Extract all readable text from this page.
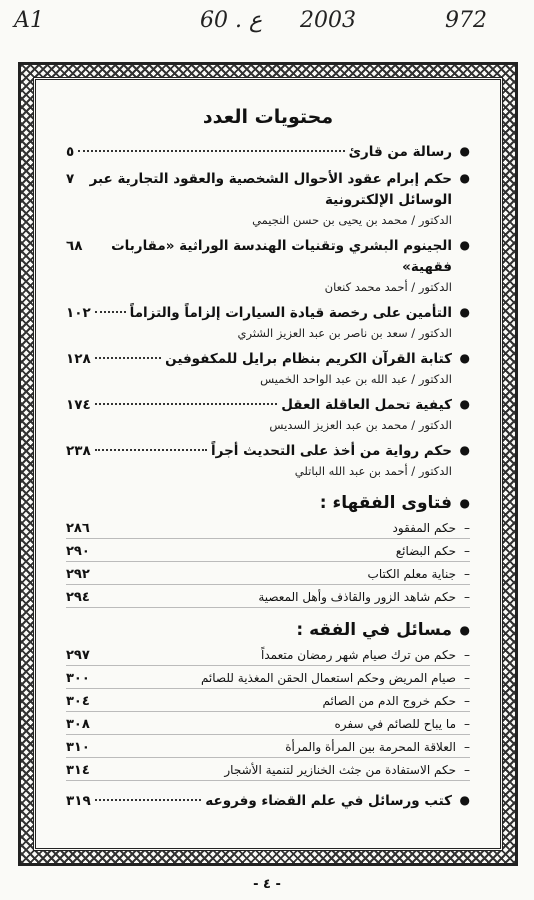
A1	60 . ع 2003	972
محتويات العدد
●
رسالة من قارئ
٥
●
حكم إبرام عقود الأحوال الشخصية والعقود التجارية عبر الوسائل الإلكترونية
٧
الدكتور / محمد بن يحيى بن حسن النجيمي
●
الجينوم البشري وتقنيات الهندسة الوراثية «مقاربات فقهية»
٦٨
الدكتور / أحمد محمد كنعان
●
التأمين على رخصة قيادة السيارات إلزاماً والتزاماً
١٠٢
الدكتور / سعد بن ناصر بن عبد العزيز الشثري
●
كتابة القرآن الكريم بنظام برايل للمكفوفين
١٢٨
الدكتور / عبد الله بن عبد الواحد الخميس
●
كيفية تحمل العاقلة العقل
١٧٤
الدكتور / محمد بن عبد العزيز السديس
●
حكم رواية من أخذ على التحديث أجراً
٢٣٨
الدكتور / أحمد بن عبد الله الباتلي
●
فتاوى الفقهاء :
–
حكم المفقود
٢٨٦
–
حكم البضائع
٢٩٠
–
جناية معلم الكتاب
٢٩٢
–
حكم شاهد الزور والقاذف وأهل المعصية
٢٩٤
●
مسائل في الفقه :
–
حكم من ترك صيام شهر رمضان متعمداً
٢٩٧
–
صيام المريض وحكم استعمال الحقن المغذية للصائم
٣٠٠
–
حكم خروج الدم من الصائم
٣٠٤
–
ما يباح للصائم في سفره
٣٠٨
–
العلاقة المحرمة بين المرأة والمرأة
٣١٠
–
حكم الاستفادة من جثث الخنازير لتنمية الأشجار
٣١٤
●
كتب ورسائل في علم القضاء وفروعه
٣١٩
- ٤ -
